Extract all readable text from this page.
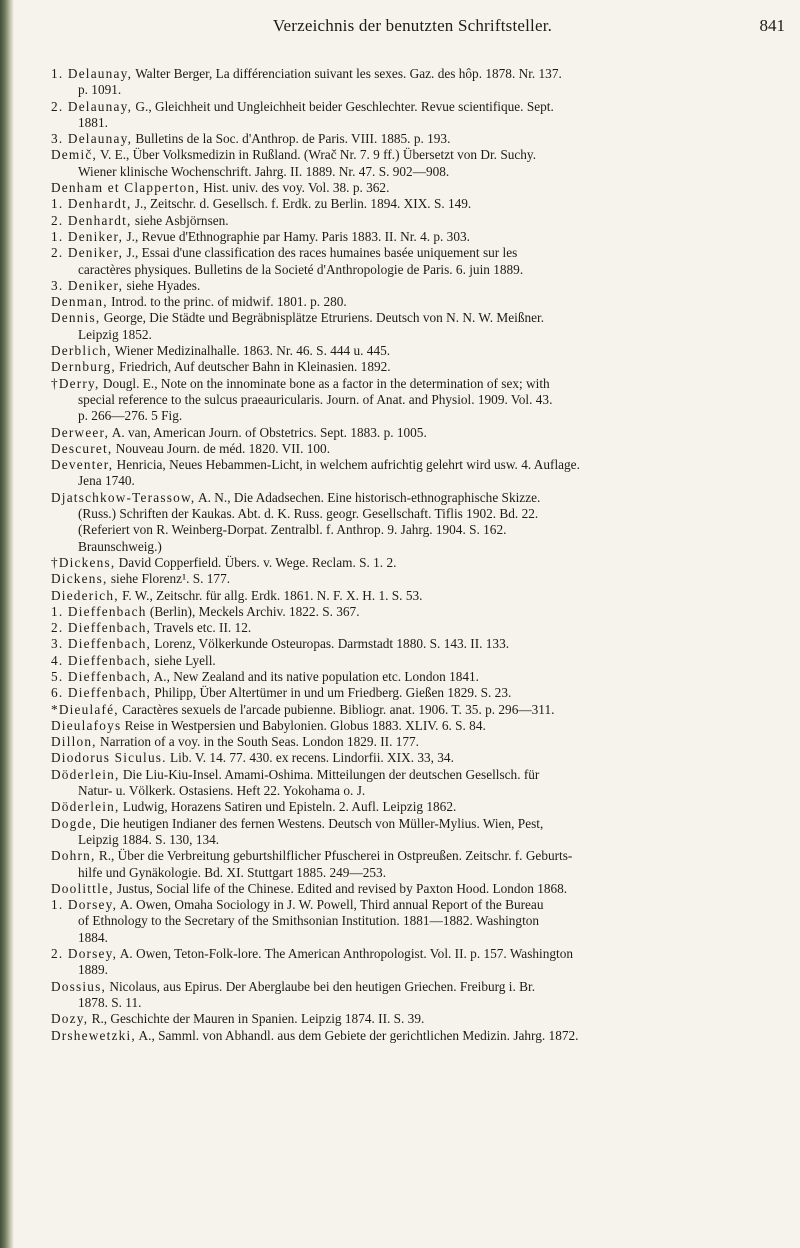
Verzeichnis der benutzten Schriftsteller.	841
1. Delaunay, Walter Berger, La différenciation suivant les sexes. Gaz. des hôp. 1878. Nr. 137.
p. 1091.
2. Delaunay, G., Gleichheit und Ungleichheit beider Geschlechter. Revue scientifique. Sept.
1881.
3. Delaunay, Bulletins de la Soc. d'Anthrop. de Paris. VIII. 1885. p. 193.
Demič, V. E., Über Volksmedizin in Rußland. (Wrač Nr. 7. 9 ff.) Übersetzt von Dr. Suchy.
Wiener klinische Wochenschrift. Jahrg. II. 1889. Nr. 47. S. 902—908.
Denham et Clapperton, Hist. univ. des voy. Vol. 38. p. 362.
1. Denhardt, J., Zeitschr. d. Gesellsch. f. Erdk. zu Berlin. 1894. XIX. S. 149.
2. Denhardt, siehe Asbjörnsen.
1. Deniker, J., Revue d'Ethnographie par Hamy. Paris 1883. II. Nr. 4. p. 303.
2. Deniker, J., Essai d'une classification des races humaines basée uniquement sur les
caractères physiques. Bulletins de la Societé d'Anthropologie de Paris. 6. juin 1889.
3. Deniker, siehe Hyades.
Denman, Introd. to the princ. of midwif. 1801. p. 280.
Dennis, George, Die Städte und Begräbnisplätze Etruriens. Deutsch von N. N. W. Meißner.
Leipzig 1852.
Derblich, Wiener Medizinalhalle. 1863. Nr. 46. S. 444 u. 445.
Dernburg, Friedrich, Auf deutscher Bahn in Kleinasien. 1892.
†Derry, Dougl. E., Note on the innominate bone as a factor in the determination of sex; with
special reference to the sulcus praeauricularis. Journ. of Anat. and Physiol. 1909. Vol. 43.
p. 266—276. 5 Fig.
Derweer, A. van, American Journ. of Obstetrics. Sept. 1883. p. 1005.
Descuret, Nouveau Journ. de méd. 1820. VII. 100.
Deventer, Henricia, Neues Hebammen-Licht, in welchem aufrichtig gelehrt wird usw. 4. Auflage.
Jena 1740.
Djatschkow-Terassow, A. N., Die Adadsechen. Eine historisch-ethnographische Skizze.
(Russ.) Schriften der Kaukas. Abt. d. K. Russ. geogr. Gesellschaft. Tiflis 1902. Bd. 22.
(Referiert von R. Weinberg-Dorpat. Zentralbl. f. Anthrop. 9. Jahrg. 1904. S. 162.
Braunschweig.)
†Dickens, David Copperfield. Übers. v. Wege. Reclam. S. 1. 2.
Dickens, siehe Florenz¹. S. 177.
Diederich, F. W., Zeitschr. für allg. Erdk. 1861. N. F. X. H. 1. S. 53.
1. Dieffenbach (Berlin), Meckels Archiv. 1822. S. 367.
2. Dieffenbach, Travels etc. II. 12.
3. Dieffenbach, Lorenz, Völkerkunde Osteuropas. Darmstadt 1880. S. 143. II. 133.
4. Dieffenbach, siehe Lyell.
5. Dieffenbach, A., New Zealand and its native population etc. London 1841.
6. Dieffenbach, Philipp, Über Altertümer in und um Friedberg. Gießen 1829. S. 23.
*Dieulafé, Caractères sexuels de l'arcade pubienne. Bibliogr. anat. 1906. T. 35. p. 296—311.
Dieulafoys Reise in Westpersien und Babylonien. Globus 1883. XLIV. 6. S. 84.
Dillon, Narration of a voy. in the South Seas. London 1829. II. 177.
Diodorus Siculus. Lib. V. 14. 77. 430. ex recens. Lindorfii. XIX. 33, 34.
Döderlein, Die Liu-Kiu-Insel. Amami-Oshima. Mitteilungen der deutschen Gesellsch. für
Natur- u. Völkerk. Ostasiens. Heft 22. Yokohama o. J.
Döderlein, Ludwig, Horazens Satiren und Episteln. 2. Aufl. Leipzig 1862.
Dogde, Die heutigen Indianer des fernen Westens. Deutsch von Müller-Mylius. Wien, Pest,
Leipzig 1884. S. 130, 134.
Dohrn, R., Über die Verbreitung geburtshilflicher Pfuscherei in Ostpreußen. Zeitschr. f. Geburts-
hilfe und Gynäkologie. Bd. XI. Stuttgart 1885. 249—253.
Doolittle, Justus, Social life of the Chinese. Edited and revised by Paxton Hood. London 1868.
1. Dorsey, A. Owen, Omaha Sociology in J. W. Powell, Third annual Report of the Bureau
of Ethnology to the Secretary of the Smithsonian Institution. 1881—1882. Washington
1884.
2. Dorsey, A. Owen, Teton-Folk-lore. The American Anthropologist. Vol. II. p. 157. Washington
1889.
Dossius, Nicolaus, aus Epirus. Der Aberglaube bei den heutigen Griechen. Freiburg i. Br.
1878. S. 11.
Dozy, R., Geschichte der Mauren in Spanien. Leipzig 1874. II. S. 39.
Drshewetzki, A., Samml. von Abhandl. aus dem Gebiete der gerichtlichen Medizin. Jahrg. 1872.
